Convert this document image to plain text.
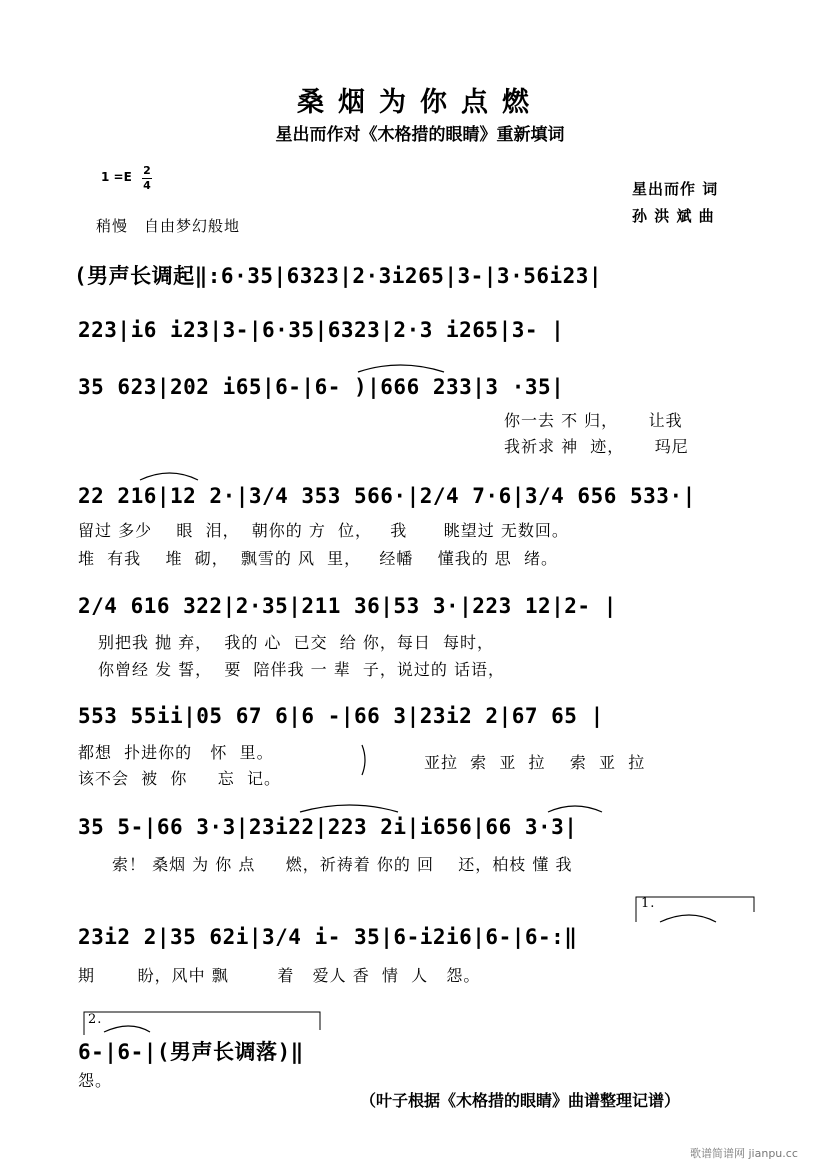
桑烟为你点燃
星出而作对《木格措的眼睛》重新填词
1 =E 2
4
稍慢　自由梦幻般地
星出而作 词
孙 洪 斌 曲
(男声长调起‖:6·35|6323|2·3i265|3-|3·56i23|
223|i6 i23|3-|6·35|6323|2·3 i265|3- |
35 623|202 i65|6-|6- )|666 233|3 ·35|
你一去 不 归，     让我
我祈求 神  迹，     玛尼
22 216|12 2·|3/4 353 566·|2/4 7·6|3/4 656 533·|
留过 多少    眼  泪，  朝你的 方  位，   我      眺望过 无数回。
堆  有我    堆  砌，  飘雪的 风  里，   经幡    懂我的 思  绪。
2/4 616 322|2·35|211 36|53 3·|223 12|2- |
别把我 抛 弃，  我的 心  已交  给 你，每日  每时，
你曾经 发 誓，  要  陪伴我 一 辈  子，说过的 话语，
553 55ii|05 67 6|6 -|66 3|23i2 2|67 65 |
都想  扑进你的   怀  里。
该不会  被  你     忘  记。
亚拉  索  亚  拉    索  亚  拉
35 5-|66 3·3|23i22|223 2i|i656|66 3·3|
索！ 桑烟 为 你 点     燃，祈祷着 你的 回    还，柏枝 懂 我
23i2 2|35 62i|3/4 i- 35|6-i2i6|6-|6-:‖
期       盼，风中 飘        着   爱人 香  情  人   怨。
1.
2.
6-|6-|(男声长调落)‖
怨。
（叶子根据《木格措的眼睛》曲谱整理记谱）
歌谱简谱网 jianpu.cc
